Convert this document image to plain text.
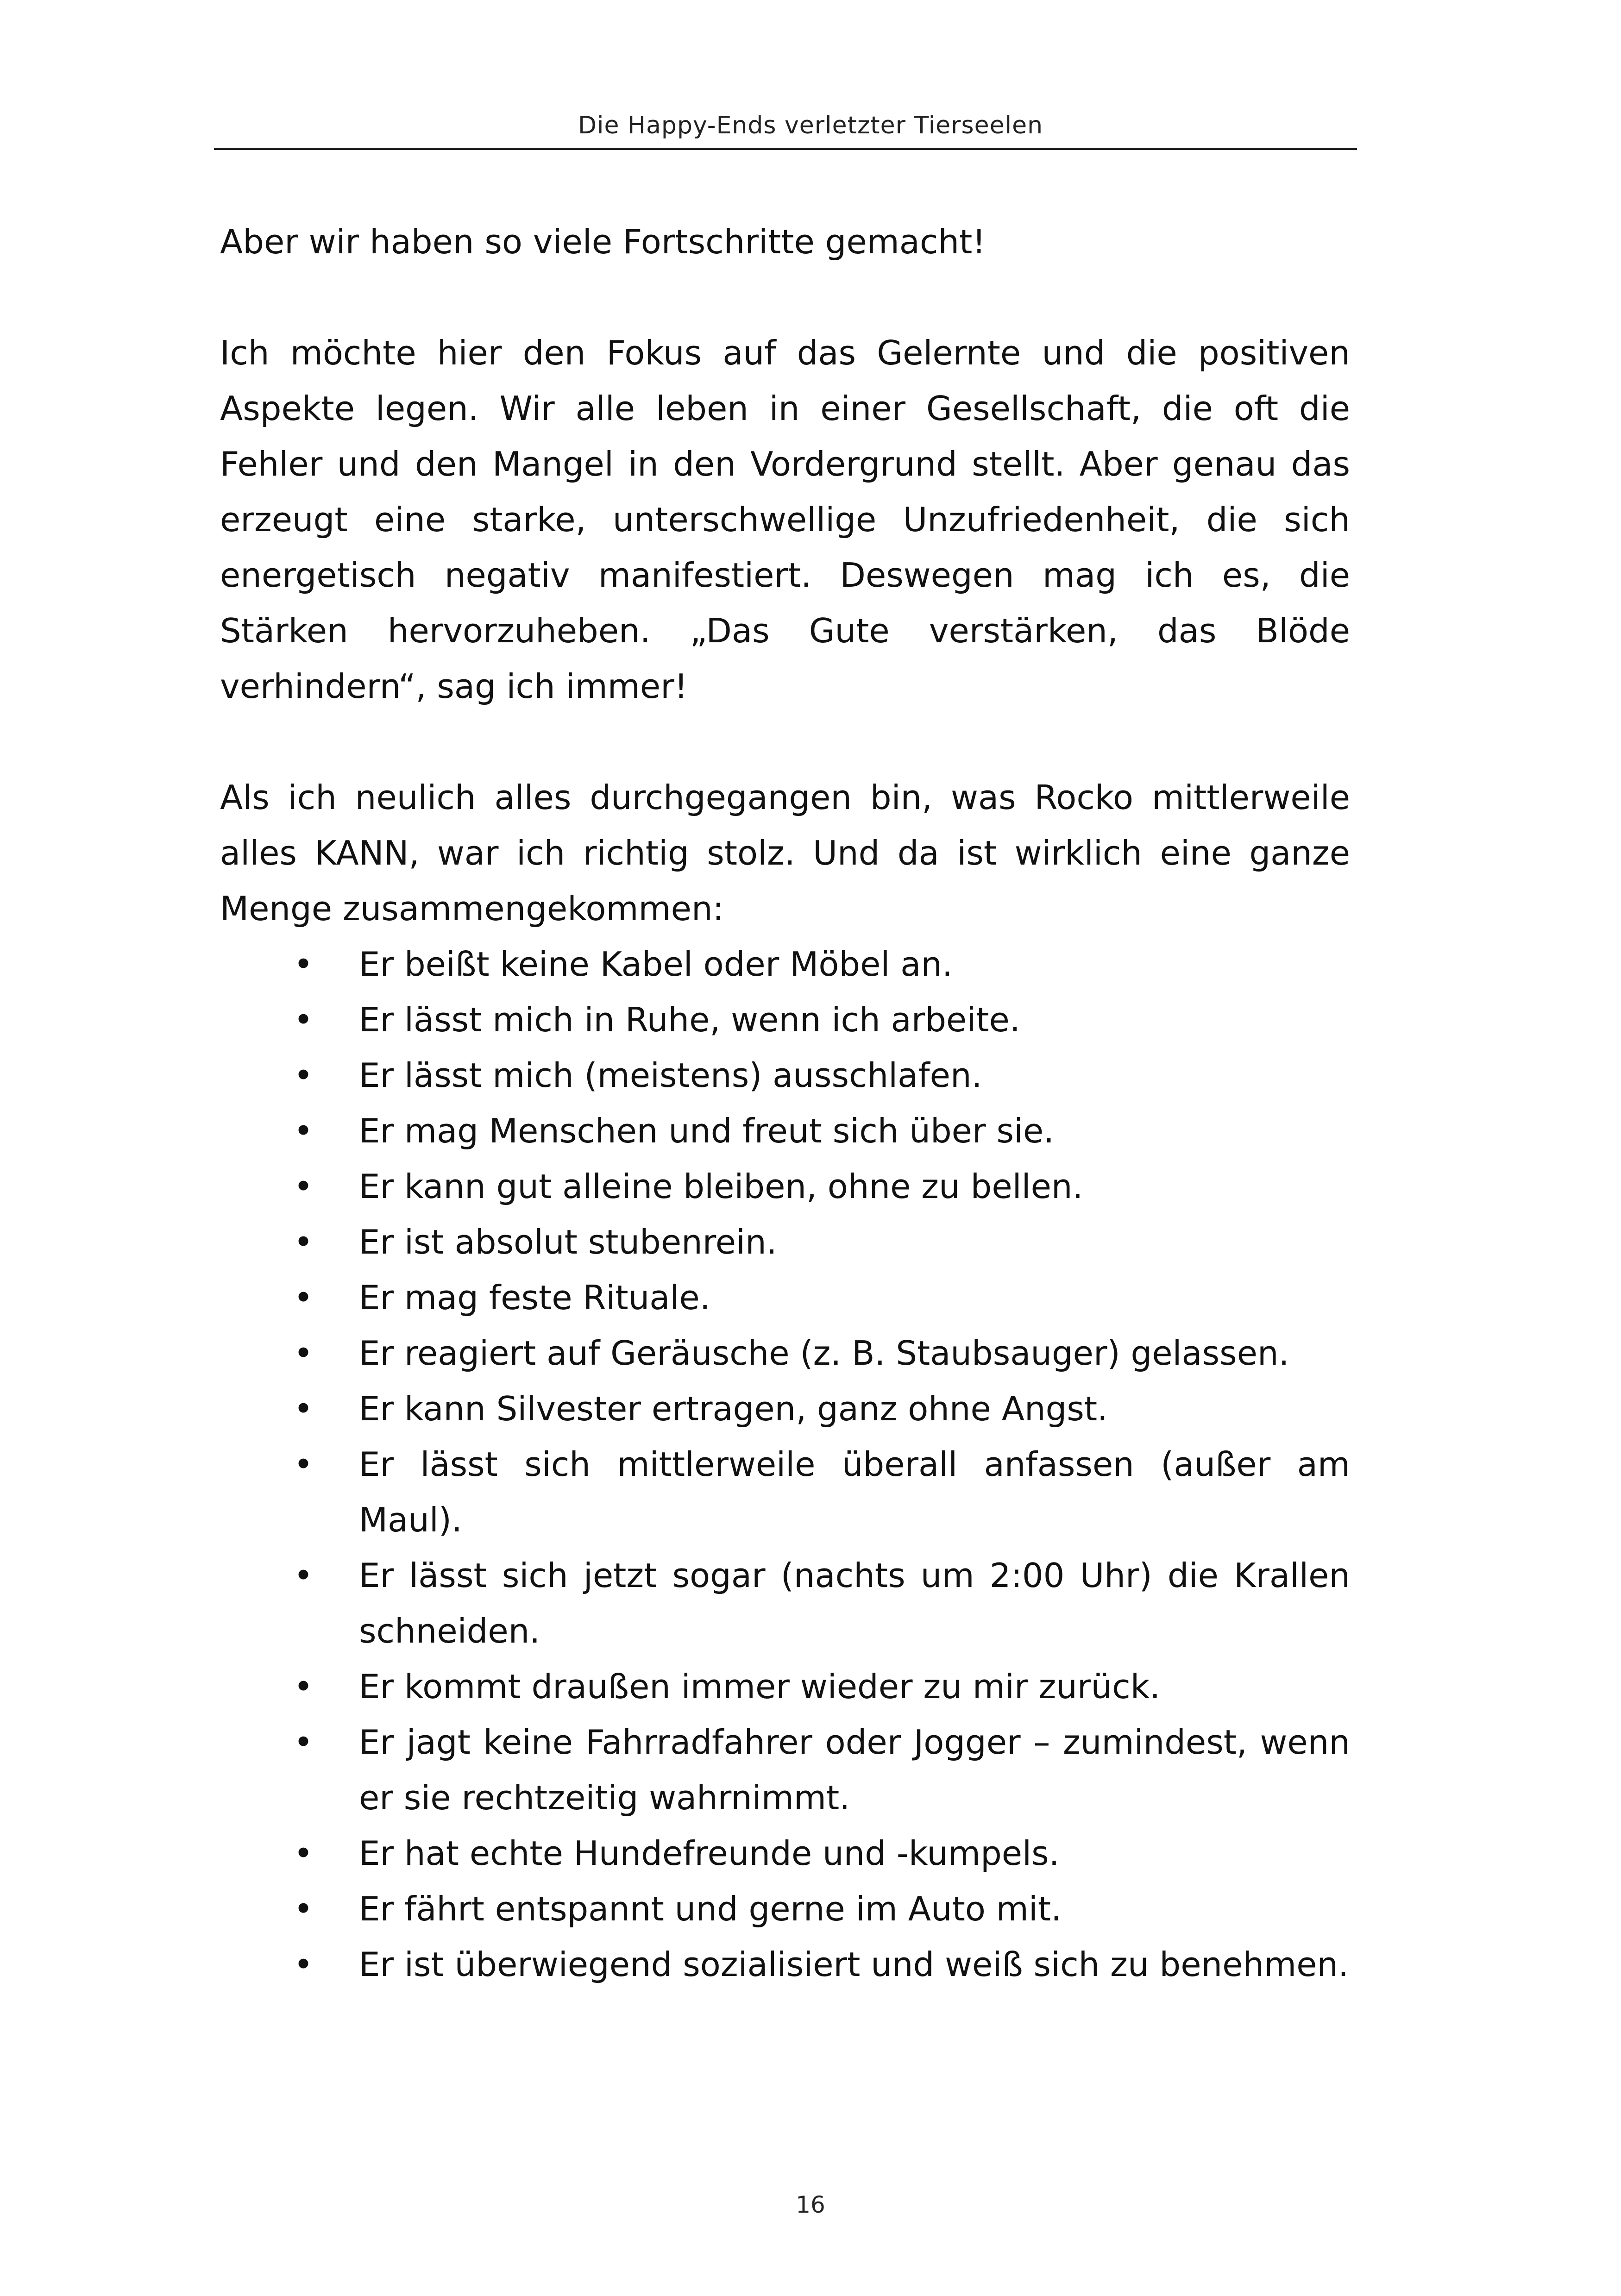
Die Happy-Ends verletzter Tierseelen

Aber wir haben so viele Fortschritte gemacht!

Ich möchte hier den Fokus auf das Gelernte und die positiven Aspekte legen. Wir alle leben in einer Gesellschaft, die oft die Fehler und den Mangel in den Vordergrund stellt. Aber genau das erzeugt eine starke, unterschwellige Unzufriedenheit, die sich energetisch negativ manifestiert. Deswegen mag ich es, die Stärken hervorzuheben. „Das Gute verstärken, das Blöde verhindern“, sag ich immer!

Als ich neulich alles durchgegangen bin, was Rocko mittlerweile alles KANN, war ich richtig stolz. Und da ist wirklich eine ganze Menge zusammengekommen:

• Er beißt keine Kabel oder Möbel an.
• Er lässt mich in Ruhe, wenn ich arbeite.
• Er lässt mich (meistens) ausschlafen.
• Er mag Menschen und freut sich über sie.
• Er kann gut alleine bleiben, ohne zu bellen.
• Er ist absolut stubenrein.
• Er mag feste Rituale.
• Er reagiert auf Geräusche (z. B. Staubsauger) gelassen.
• Er kann Silvester ertragen, ganz ohne Angst.
• Er lässt sich mittlerweile überall anfassen (außer am Maul).
• Er lässt sich jetzt sogar (nachts um 2:00 Uhr) die Krallen schneiden.
• Er kommt draußen immer wieder zu mir zurück.
• Er jagt keine Fahrradfahrer oder Jogger – zumindest, wenn er sie rechtzeitig wahrnimmt.
• Er hat echte Hundefreunde und -kumpels.
• Er fährt entspannt und gerne im Auto mit.
• Er ist überwiegend sozialisiert und weiß sich zu benehmen.
16
